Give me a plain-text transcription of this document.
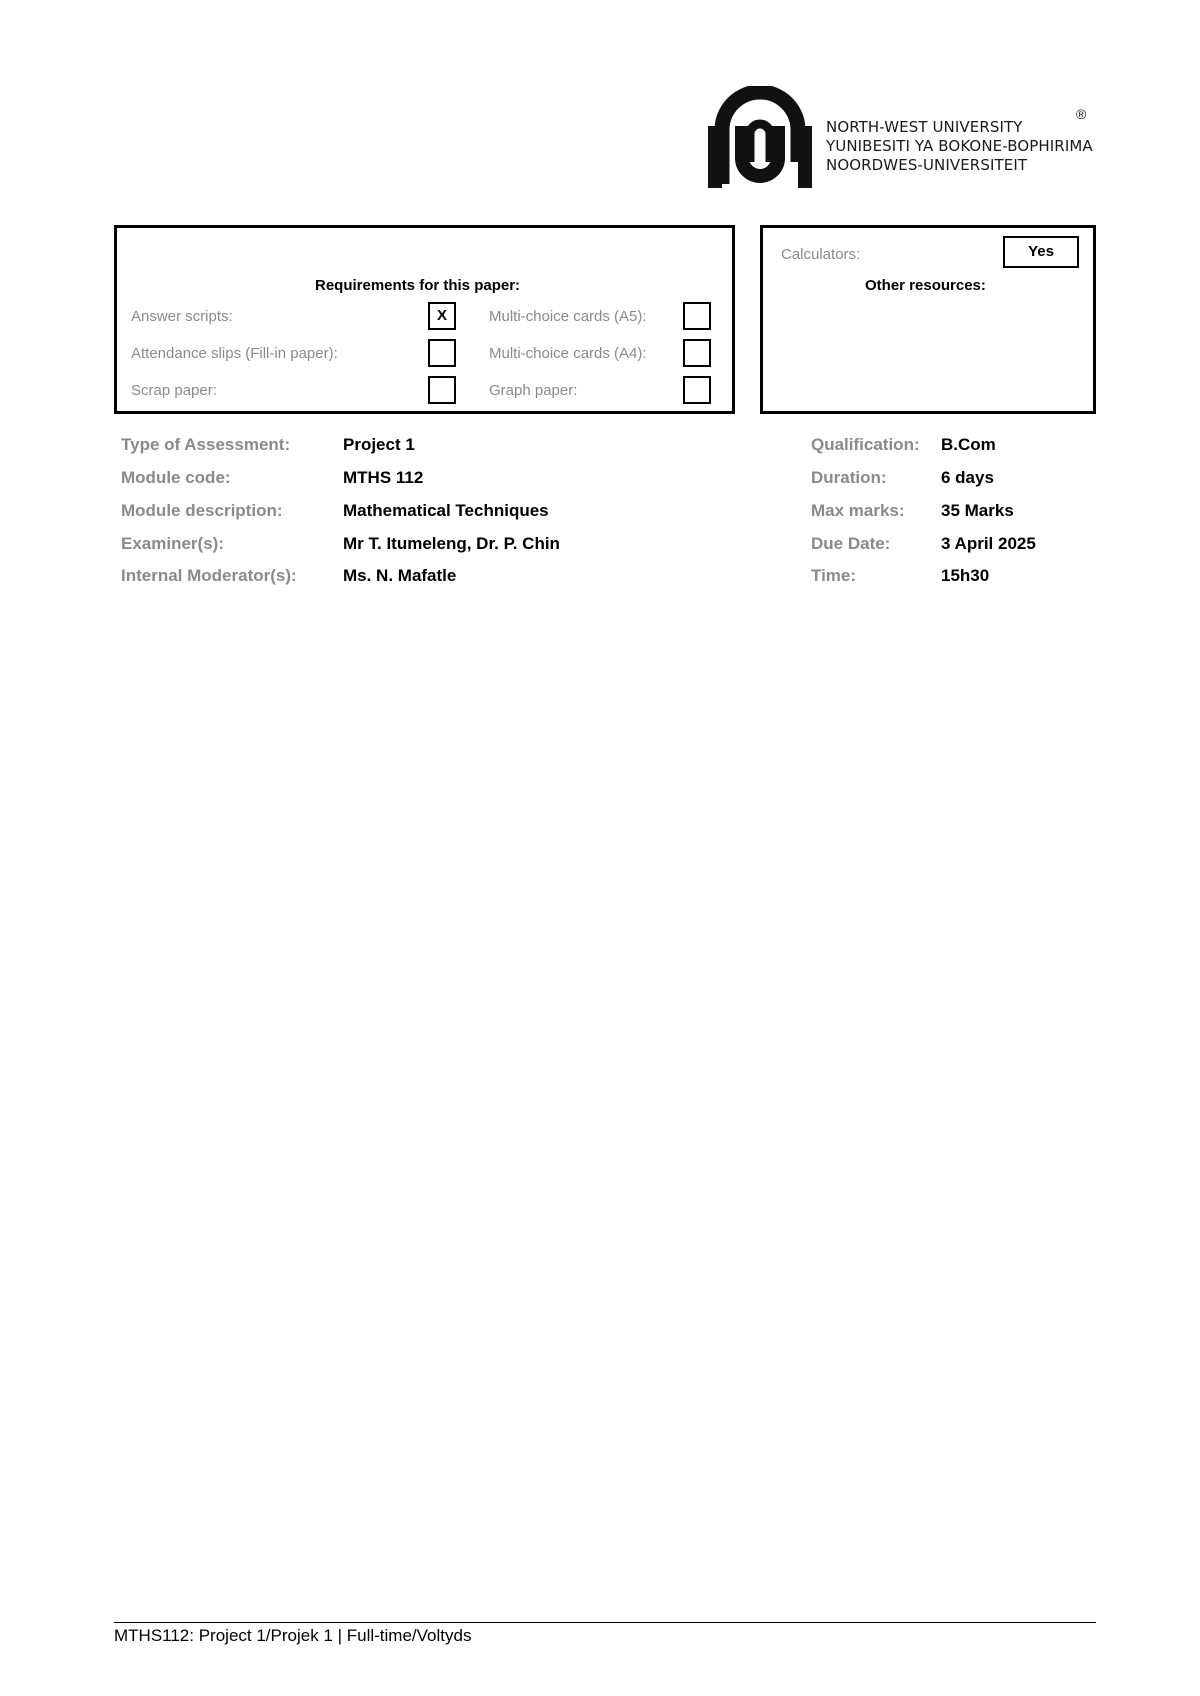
NORTH-WEST UNIVERSITY
YUNIBESITI YA BOKONE-BOPHIRIMA
NOORDWES-UNIVERSITEIT
®
Requirements for this paper:
Answer scripts:	X
Attendance slips (Fill-in paper):
Scrap paper:
Multi-choice cards (A5):
Multi-choice cards (A4):
Graph paper:
Calculators:	Yes
Other resources:
Type of Assessment:	Project 1
Module code:	MTHS 112
Module description:	Mathematical Techniques
Examiner(s):	Mr T. Itumeleng, Dr. P. Chin
Internal Moderator(s):	Ms. N. Mafatle
Qualification: B.Com
Duration:	6 days
Max marks: 35 Marks
Due Date:	3 April 2025
Time:	15h30
MTHS112: Project 1/Projek 1 | Full-time/Voltyds
